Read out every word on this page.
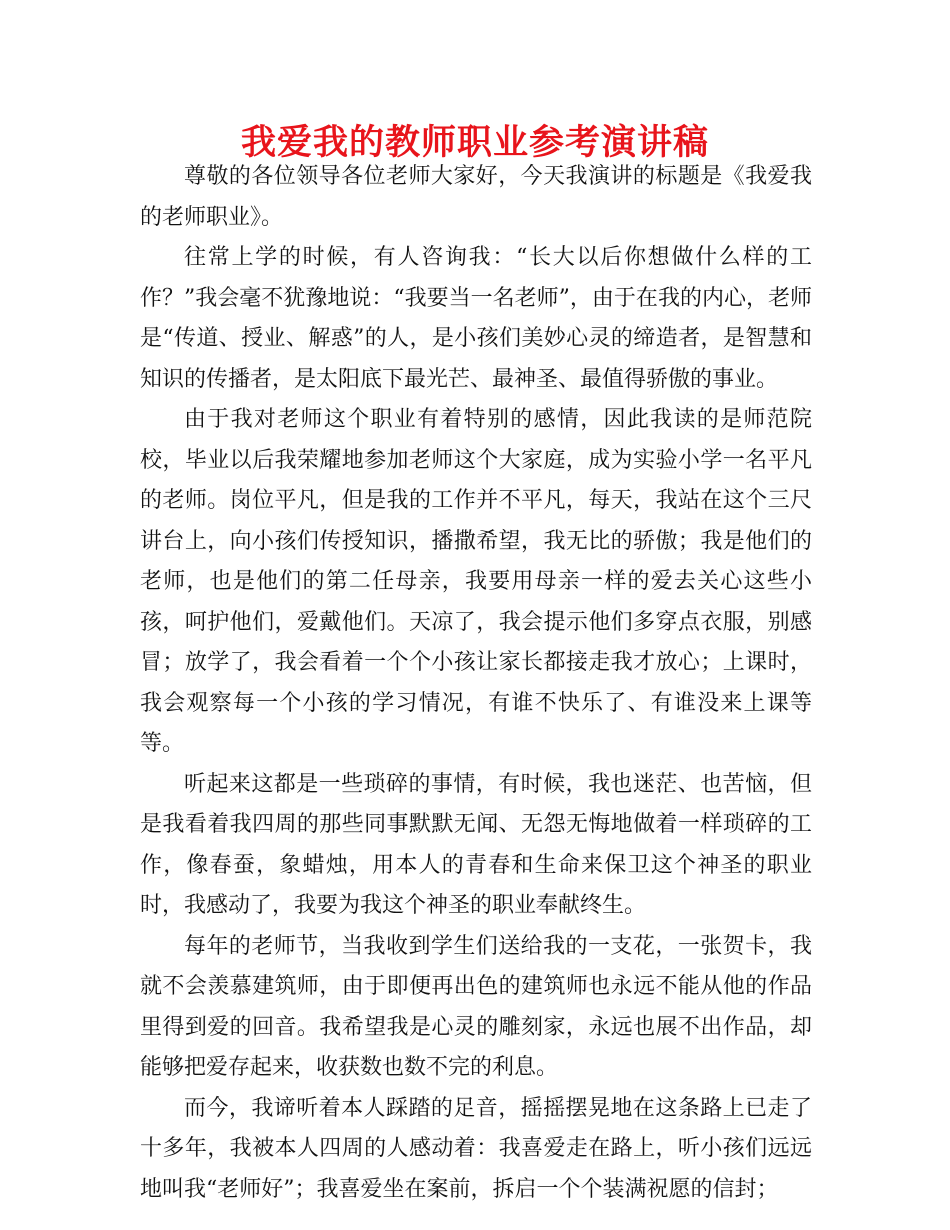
我爱我的教师职业参考演讲稿

尊敬的各位领导各位老师大家好，今天我演讲的标题是《我爱我的老师职业》。

往常上学的时候，有人咨询我：“长大以后你想做什么样的工作？”我会毫不犹豫地说：“我要当一名老师”，由于在我的内心，老师是“传道、授业、解惑”的人，是小孩们美妙心灵的缔造者，是智慧和知识的传播者，是太阳底下最光芒、最神圣、最值得骄傲的事业。

由于我对老师这个职业有着特别的感情，因此我读的是师范院校，毕业以后我荣耀地参加老师这个大家庭，成为实验小学一名平凡的老师。岗位平凡，但是我的工作并不平凡，每天，我站在这个三尺讲台上，向小孩们传授知识，播撒希望，我无比的骄傲；我是他们的老师，也是他们的第二任母亲，我要用母亲一样的爱去关心这些小孩，呵护他们，爱戴他们。天凉了，我会提示他们多穿点衣服，别感冒；放学了，我会看着一个个小孩让家长都接走我才放心；上课时，我会观察每一个小孩的学习情况，有谁不快乐了、有谁没来上课等等。

听起来这都是一些琐碎的事情，有时候，我也迷茫、也苦恼，但是我看着我四周的那些同事默默无闻、无怨无悔地做着一样琐碎的工作，像春蚕，象蜡烛，用本人的青春和生命来保卫这个神圣的职业时，我感动了，我要为我这个神圣的职业奉献终生。

每年的老师节，当我收到学生们送给我的一支花，一张贺卡，我就不会羡慕建筑师，由于即便再出色的建筑师也永远不能从他的作品里得到爱的回音。我希望我是心灵的雕刻家，永远也展不出作品，却能够把爱存起来，收获数也数不完的利息。

而今，我谛听着本人踩踏的足音，摇摇摆晃地在这条路上已走了十多年，我被本人四周的人感动着：我喜爱走在路上，听小孩们远远地叫我“老师好”；我喜爱坐在案前，拆启一个个装满祝愿的信封；
